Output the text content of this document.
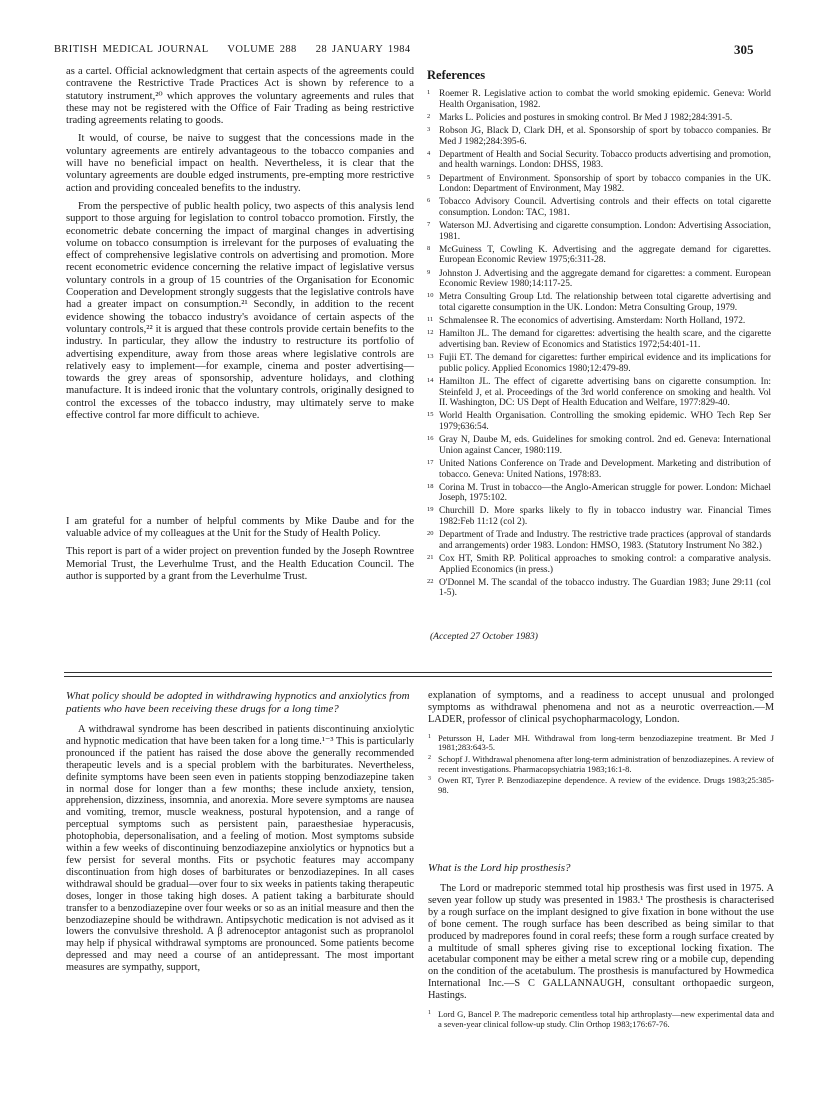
BRITISH MEDICAL JOURNAL VOLUME 288 28 JANUARY 1984	305

as a cartel. Official acknowledgment that certain aspects of the agreements could contravene the Restrictive Trade Practices Act is shown by reference to a statutory instrument,²⁰ which approves the voluntary agreements and rules that these may not be registered with the Office of Fair Trading as being restrictive trading agreements relating to goods.

It would, of course, be naive to suggest that the concessions made in the voluntary agreements are entirely advantageous to the tobacco companies and will have no beneficial impact on health. Nevertheless, it is clear that the voluntary agreements are double edged instruments, pre-empting more restrictive action and providing concealed benefits to the industry.

From the perspective of public health policy, two aspects of this analysis lend support to those arguing for legislation to control tobacco promotion. Firstly, the econometric debate concerning the impact of marginal changes in advertising volume on tobacco consumption is irrelevant for the purposes of evaluating the effect of comprehensive legislative controls on advertising and promotion. More recent econometric evidence concerning the relative impact of legislative versus voluntary controls in a group of 15 countries of the Organisation for Economic Cooperation and Development strongly suggests that the legislative controls have had a greater impact on consumption.²¹ Secondly, in addition to the recent evidence showing the tobacco industry's avoidance of certain aspects of the voluntary controls,²² it is argued that these controls provide certain benefits to the industry. In particular, they allow the industry to restructure its portfolio of advertising expenditure, away from those areas where legislative controls are relatively easy to implement—for example, cinema and poster advertising—towards the grey areas of sponsorship, adventure holidays, and clothing manufacture. It is indeed ironic that the voluntary controls, originally designed to control the excesses of the tobacco industry, may ultimately serve to make effective control far more difficult to achieve.

I am grateful for a number of helpful comments by Mike Daube and for the valuable advice of my colleagues at the Unit for the Study of Health Policy.

This report is part of a wider project on prevention funded by the Joseph Rowntree Memorial Trust, the Leverhulme Trust, and the Health Education Council. The author is supported by a grant from the Leverhulme Trust.

References
1 Roemer R. Legislative action to combat the world smoking epidemic. Geneva: World Health Organisation, 1982.
2 Marks L. Policies and postures in smoking control. Br Med J 1982;284:391-5.
3 Robson JG, Black D, Clark DH, et al. Sponsorship of sport by tobacco companies. Br Med J 1982;284:395-6.
4 Department of Health and Social Security. Tobacco products advertising and promotion, and health warnings. London: DHSS, 1983.
5 Department of Environment. Sponsorship of sport by tobacco companies in the UK. London: Department of Environment, May 1982.
6 Tobacco Advisory Council. Advertising controls and their effects on total cigarette consumption. London: TAC, 1981.
7 Waterson MJ. Advertising and cigarette consumption. London: Advertising Association, 1981.
8 McGuiness T, Cowling K. Advertising and the aggregate demand for cigarettes. European Economic Review 1975;6:311-28.
9 Johnston J. Advertising and the aggregate demand for cigarettes: a comment. European Economic Review 1980;14:117-25.
10 Metra Consulting Group Ltd. The relationship between total cigarette advertising and total cigarette consumption in the UK. London: Metra Consulting Group, 1979.
11 Schmalensee R. The economics of advertising. Amsterdam: North Holland, 1972.
12 Hamilton JL. The demand for cigarettes: advertising the health scare, and the cigarette advertising ban. Review of Economics and Statistics 1972;54:401-11.
13 Fujii ET. The demand for cigarettes: further empirical evidence and its implications for public policy. Applied Economics 1980;12:479-89.
14 Hamilton JL. The effect of cigarette advertising bans on cigarette consumption. In: Steinfeld J, et al. Proceedings of the 3rd world conference on smoking and health. Vol II. Washington, DC: US Dept of Health Education and Welfare, 1977:829-40.
15 World Health Organisation. Controlling the smoking epidemic. WHO Tech Rep Ser 1979;636:54.
16 Gray N, Daube M, eds. Guidelines for smoking control. 2nd ed. Geneva: International Union against Cancer, 1980:119.
17 United Nations Conference on Trade and Development. Marketing and distribution of tobacco. Geneva: United Nations, 1978:83.
18 Corina M. Trust in tobacco—the Anglo-American struggle for power. London: Michael Joseph, 1975:102.
19 Churchill D. More sparks likely to fly in tobacco industry war. Financial Times 1982:Feb 11:12 (col 2).
20 Department of Trade and Industry. The restrictive trade practices (approval of standards and arrangements) order 1983. London: HMSO, 1983. (Statutory Instrument No 382.)
21 Cox HT, Smith RP. Political approaches to smoking control: a comparative analysis. Applied Economics (in press.)
22 O'Donnel M. The scandal of the tobacco industry. The Guardian 1983; June 29:11 (col 1-5).
(Accepted 27 October 1983)

What policy should be adopted in withdrawing hypnotics and anxiolytics from patients who have been receiving these drugs for a long time?

A withdrawal syndrome has been described in patients discontinuing anxiolytic and hypnotic medication that have been taken for a long time.¹⁻³ This is particularly pronounced if the patient has raised the dose above the generally recommended therapeutic levels and is a special problem with the barbiturates. Nevertheless, definite symptoms have been seen even in patients stopping benzodiazepine taken in normal dose for longer than a few months; these include anxiety, tension, apprehension, dizziness, insomnia, and anorexia. More severe symptoms are nausea and vomiting, tremor, muscle weakness, postural hypotension, and a range of perceptual symptoms such as persistent pain, paraesthesiae hyperacusis, photophobia, depersonalisation, and a feeling of motion. Most symptoms subside within a few weeks of discontinuing benzodiazepine anxiolytics or hypnotics but a few persist for several months. Fits or psychotic features may accompany discontinuation from high doses of barbiturates or benzodiazepines. In all cases withdrawal should be gradual—over four to six weeks in patients taking therapeutic doses, longer in those taking high doses. A patient taking a barbiturate should transfer to a benzodiazepine over four weeks or so as an initial measure and then the benzodiazepine should be withdrawn. Antipsychotic medication is not advised as it lowers the convulsive threshold. A β adrenoceptor antagonist such as propranolol may help if physical withdrawal symptoms are pronounced. Some patients become depressed and may need a course of an antidepressant. The most important measures are sympathy, support,

explanation of symptoms, and a readiness to accept unusual and prolonged symptoms as withdrawal phenomena and not as a neurotic overreaction.—M LADER, professor of clinical psychopharmacology, London.

1 Petursson H, Lader MH. Withdrawal from long-term benzodiazepine treatment. Br Med J 1981;283:643-5.
2 Schopf J. Withdrawal phenomena after long-term administration of benzodiazepines. A review of recent investigations. Pharmacopsychiatria 1983;16:1-8.
3 Owen RT, Tyrer P. Benzodiazepine dependence. A review of the evidence. Drugs 1983;25:385-98.

What is the Lord hip prosthesis?

The Lord or madreporic stemmed total hip prosthesis was first used in 1975. A seven year follow up study was presented in 1983.¹ The prosthesis is characterised by a rough surface on the implant designed to give fixation in bone without the use of bone cement. The rough surface has been described as being similar to that produced by madrepores found in coral reefs; these form a rough surface created by a multitude of small spheres giving rise to exceptional locking fixation. The acetabular component may be either a metal screw ring or a mobile cup, depending on the condition of the acetabulum. The prosthesis is manufactured by Howmedica International Inc.—S C GALLANNAUGH, consultant orthopaedic surgeon, Hastings.

1 Lord G, Bancel P. The madreporic cementless total hip arthroplasty—new experimental data and a seven-year clinical follow-up study. Clin Orthop 1983;176:67-76.
